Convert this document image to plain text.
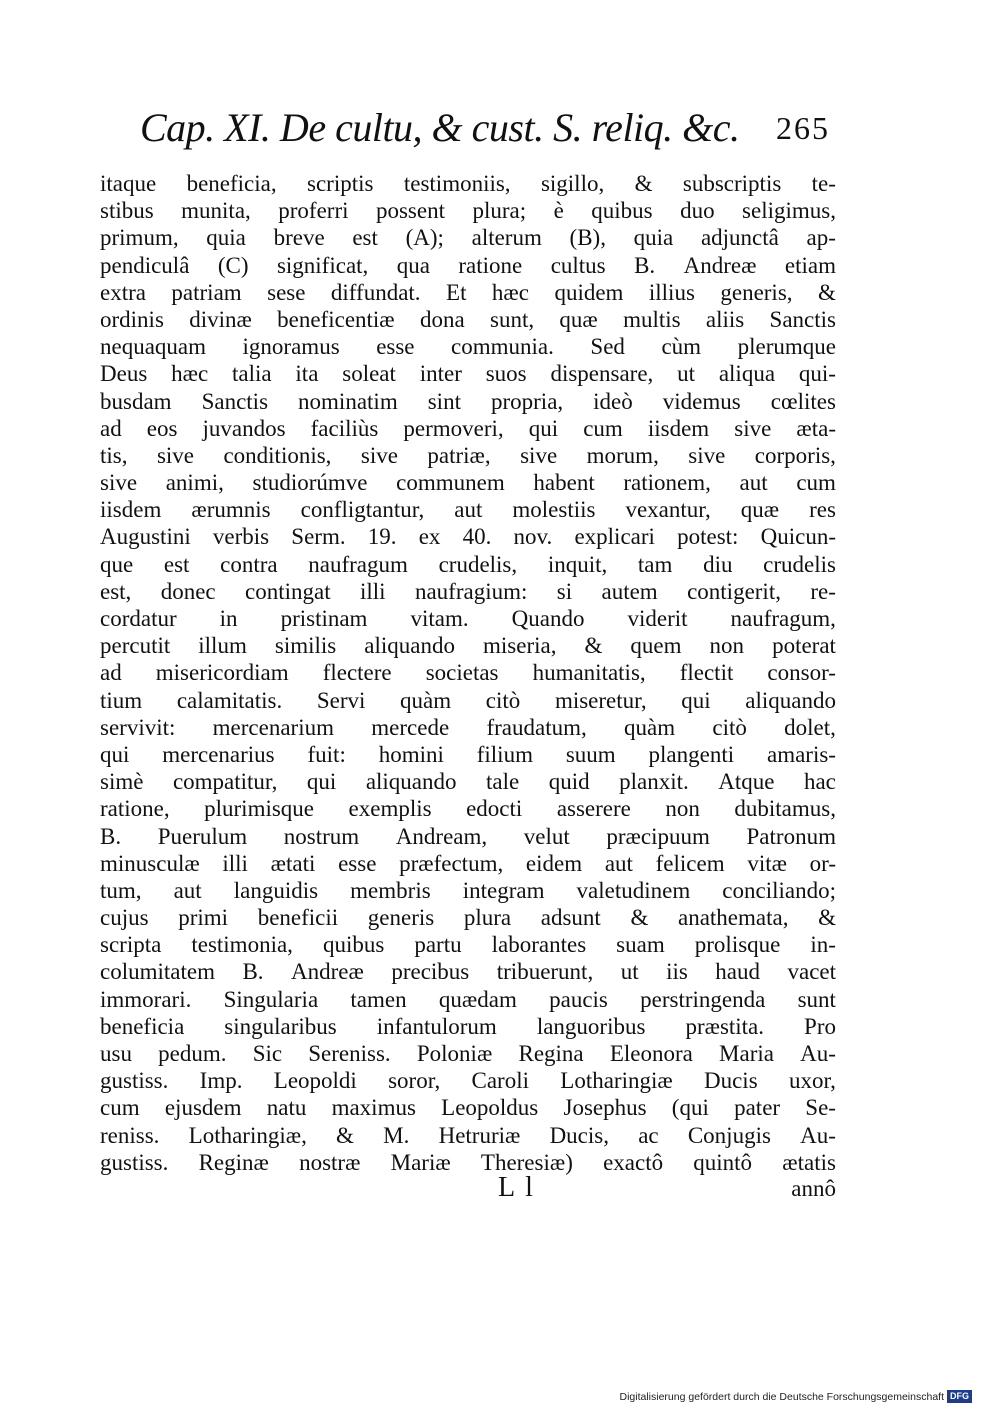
Cap. XI. De cultu, & cust. S. reliq. &c. 265
itaque beneficia, scriptis testimoniis, sigillo, & subscriptis te-
stibus munita, proferri possent plura; è quibus duo seligimus,
primum, quia breve est (A); alterum (B), quia adjunctâ ap-
pendiculâ (C) significat, qua ratione cultus B. Andreæ etiam
extra patriam sese diffundat. Et hæc quidem illius generis, &
ordinis divinæ beneficentiæ dona sunt, quæ multis aliis Sanctis
nequaquam ignoramus esse communia. Sed cùm plerumque
Deus hæc talia ita soleat inter suos dispensare, ut aliqua qui-
busdam Sanctis nominatim sint propria, ideò videmus cœlites
ad eos juvandos faciliùs permoveri, qui cum iisdem sive æta-
tis, sive conditionis, sive patriæ, sive morum, sive corporis,
sive animi, studiorúmve communem habent rationem, aut cum
iisdem ærumnis confligtantur, aut molestiis vexantur, quæ res
Augustini verbis Serm. 19. ex 40. nov. explicari potest: Quicun-
que est contra naufragum crudelis, inquit, tam diu crudelis
est, donec contingat illi naufragium: si autem contigerit, re-
cordatur in pristinam vitam. Quando viderit naufragum,
percutit illum similis aliquando miseria, & quem non poterat
ad misericordiam flectere societas humanitatis, flectit consor-
tium calamitatis. Servi quàm citò miseretur, qui aliquando
servivit: mercenarium mercede fraudatum, quàm citò dolet,
qui mercenarius fuit: homini filium suum plangenti amaris-
simè compatitur, qui aliquando tale quid planxit. Atque hac
ratione, plurimisque exemplis edocti asserere non dubitamus,
B. Puerulum nostrum Andream, velut præcipuum Patronum
minusculæ illi ætati esse præfectum, eidem aut felicem vitæ or-
tum, aut languidis membris integram valetudinem conciliando;
cujus primi beneficii generis plura adsunt & anathemata, &
scripta testimonia, quibus partu laborantes suam prolisque in-
columitatem B. Andreæ precibus tribuerunt, ut iis haud vacet
immorari. Singularia tamen quædam paucis perstringenda sunt
beneficia singularibus infantulorum languoribus præstita. Pro
usu pedum. Sic Sereniss. Poloniæ Regina Eleonora Maria Au-
gustiss. Imp. Leopoldi soror, Caroli Lotharingiæ Ducis uxor,
cum ejusdem natu maximus Leopoldus Josephus (qui pater Se-
reniss. Lotharingiæ, & M. Hetruriæ Ducis, ac Conjugis Au-
gustiss. Reginæ nostræ Mariæ Theresiæ) exactô quintô ætatis
L l	annô
Digitalisierung gefördert durch die Deutsche Forschungsgemeinschaft DFG
